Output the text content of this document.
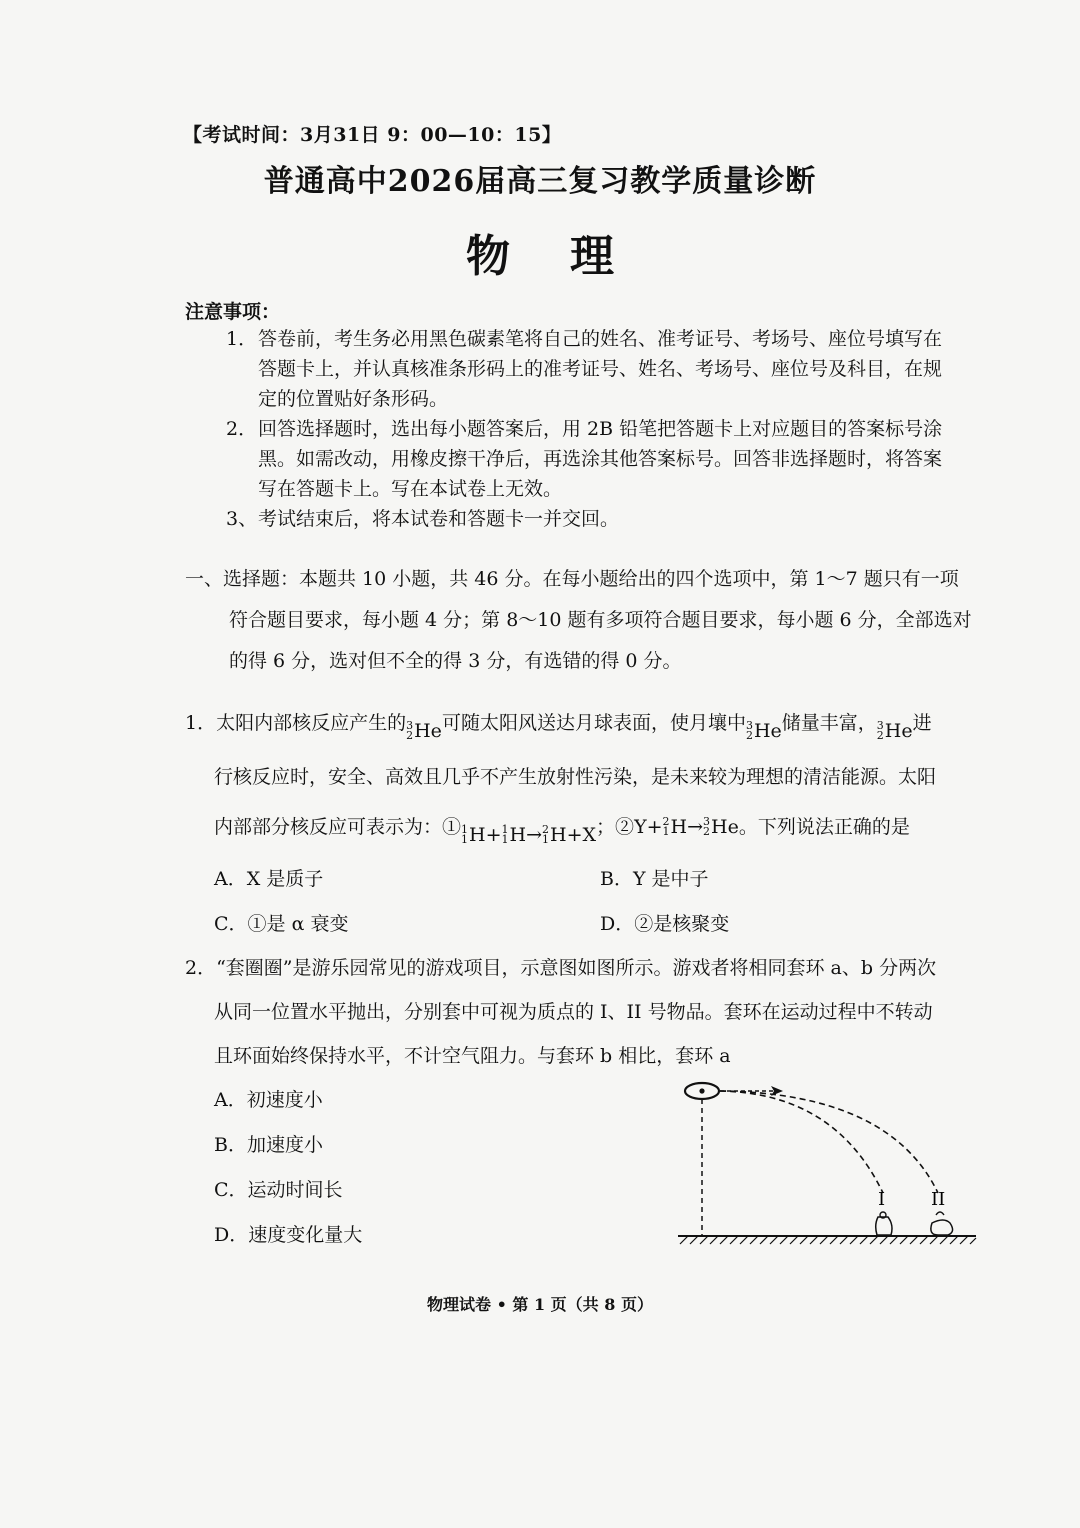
【考试时间：3月31日 9：00—10：15】
普通高中2026届高三复习教学质量诊断
物理
注意事项：
1．答卷前，考生务必用黑色碳素笔将自己的姓名、准考证号、考场号、座位号填写在
答题卡上，并认真核准条形码上的准考证号、姓名、考场号、座位号及科目，在规
定的位置贴好条形码。
2．回答选择题时，选出每小题答案后，用 2B 铅笔把答题卡上对应题目的答案标号涂
黑。如需改动，用橡皮擦干净后，再选涂其他答案标号。回答非选择题时，将答案
写在答题卡上。写在本试卷上无效。
3、考试结束后，将本试卷和答题卡一并交回。
一、选择题：本题共 10 小题，共 46 分。在每小题给出的四个选项中，第 1～7 题只有一项
符合题目要求，每小题 4 分；第 8～10 题有多项符合题目要求，每小题 6 分，全部选对
的得 6 分，选对但不全的得 3 分，有选错的得 0 分。
1．太阳内部核反应产生的 3
2 He 可随太阳风送达月球表面，使月壤中 3
2 He 储量丰富， 3
2 He 进
行核反应时，安全、高效且几乎不产生放射性污染，是未来较为理想的清洁能源。太阳
内部部分核反应可表示为：① 1
1 H + 1
1 H → 2
1 H + X ；② Y + 2
1 H → 3
2 He 。下列说法正确的是
A．X 是质子	B．Y 是中子
C．①是 α 衰变	D．②是核聚变
2．“套圈圈”是游乐园常见的游戏项目，示意图如图所示。游戏者将相同套环 a、b 分两次
从同一位置水平抛出，分别套中可视为质点的 I、II 号物品。套环在运动过程中不转动
且环面始终保持水平，不计空气阻力。与套环 b 相比，套环 a
A．初速度小
B．加速度小
C．运动时间长
D．速度变化量大
I	II
物理试卷 • 第 1 页（共 8 页）
